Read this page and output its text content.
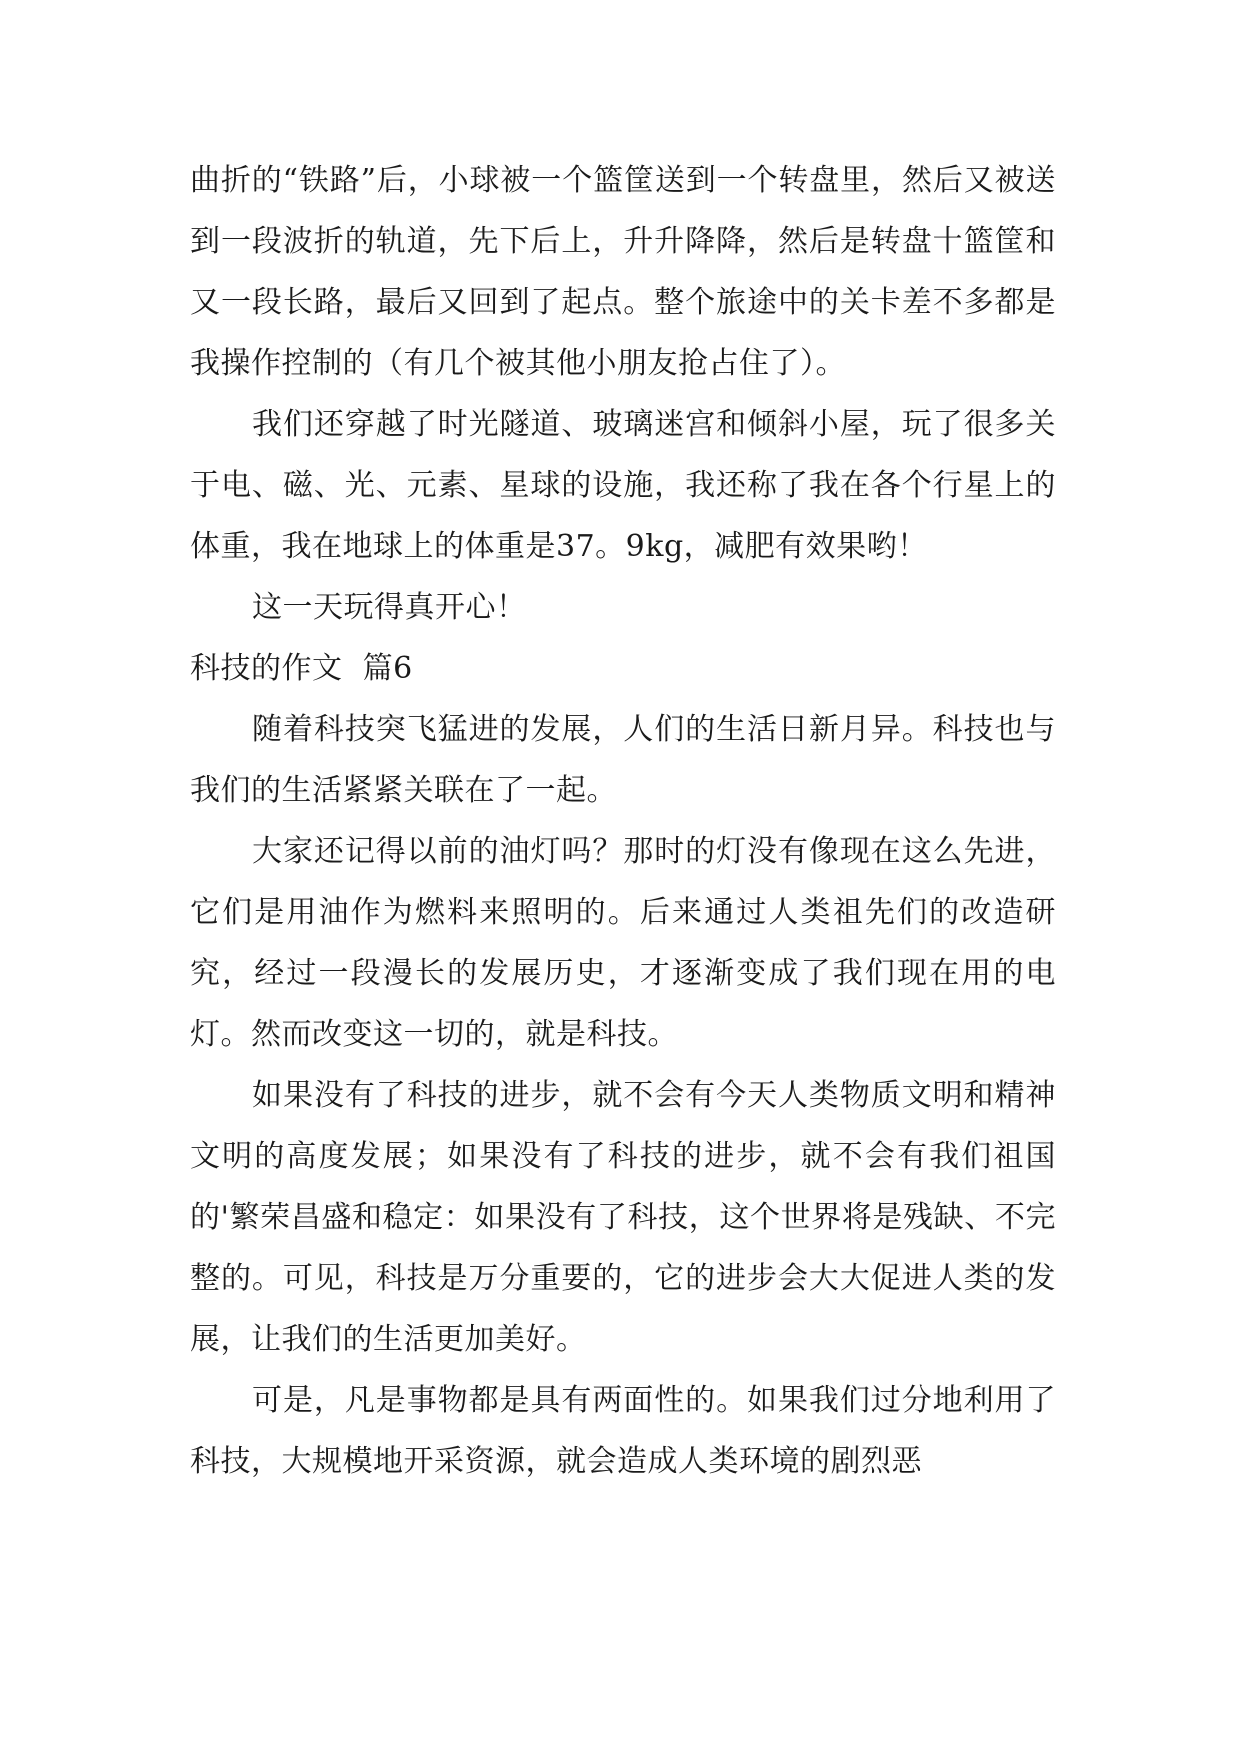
曲折的“铁路”后，小球被一个篮筐送到一个转盘里，然后又被送到一段波折的轨道，先下后上，升升降降，然后是转盘十篮筐和又一段长路，最后又回到了起点。整个旅途中的关卡差不多都是我操作控制的（有几个被其他小朋友抢占住了）。

我们还穿越了时光隧道、玻璃迷宫和倾斜小屋，玩了很多关于电、磁、光、元素、星球的设施，我还称了我在各个行星上的体重，我在地球上的体重是37。9kg，减肥有效果哟！

这一天玩得真开心！

科技的作文  篇6

随着科技突飞猛进的发展，人们的生活日新月异。科技也与我们的生活紧紧关联在了一起。

大家还记得以前的油灯吗？那时的灯没有像现在这么先进，它们是用油作为燃料来照明的。后来通过人类祖先们的改造研究，经过一段漫长的发展历史，才逐渐变成了我们现在用的电灯。然而改变这一切的，就是科技。

如果没有了科技的进步，就不会有今天人类物质文明和精神文明的高度发展；如果没有了科技的进步，就不会有我们祖国的'繁荣昌盛和稳定：如果没有了科技，这个世界将是残缺、不完整的。可见，科技是万分重要的，它的进步会大大促进人类的发展，让我们的生活更加美好。

可是，凡是事物都是具有两面性的。如果我们过分地利用了科技，大规模地开采资源，就会造成人类环境的剧烈恶
